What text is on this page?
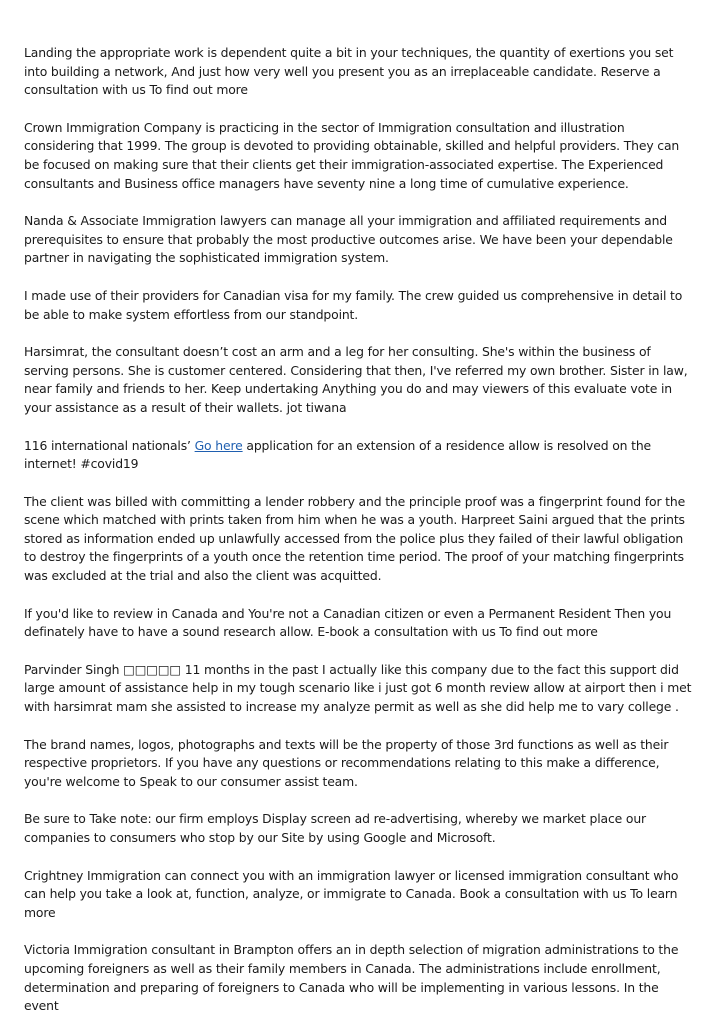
Landing the appropriate work is dependent quite a bit in your techniques, the quantity of exertions you set into building a network, And just how very well you present you as an irreplaceable candidate. Reserve a consultation with us To find out more

Crown Immigration Company is practicing in the sector of Immigration consultation and illustration considering that 1999. The group is devoted to providing obtainable, skilled and helpful providers. They can be focused on making sure that their clients get their immigration-associated expertise. The Experienced consultants and Business office managers have seventy nine a long time of cumulative experience.

Nanda & Associate Immigration lawyers can manage all your immigration and affiliated requirements and prerequisites to ensure that probably the most productive outcomes arise. We have been your dependable partner in navigating the sophisticated immigration system.

I made use of their providers for Canadian visa for my family. The crew guided us comprehensive in detail to be able to make system effortless from our standpoint.

Harsimrat, the consultant doesn’t cost an arm and a leg for her consulting. She's within the business of serving persons. She is customer centered. Considering that then, I've referred my own brother. Sister in law, near family and friends to her. Keep undertaking Anything you do and may viewers of this evaluate vote in your assistance as a result of their wallets. jot tiwana

116 international nationals’ Go here application for an extension of a residence allow is resolved on the internet! #covid19

The client was billed with committing a lender robbery and the principle proof was a fingerprint found for the scene which matched with prints taken from him when he was a youth. Harpreet Saini argued that the prints stored as information ended up unlawfully accessed from the police plus they failed of their lawful obligation to destroy the fingerprints of a youth once the retention time period. The proof of your matching fingerprints was excluded at the trial and also the client was acquitted.

If you'd like to review in Canada and You're not a Canadian citizen or even a Permanent Resident Then you definately have to have a sound research allow. E-book a consultation with us To find out more

Parvinder Singh □□□□□ 11 months in the past I actually like this company due to the fact this support did large amount of assistance help in my tough scenario like i just got 6 month review allow at airport then i met with harsimrat mam she assisted to increase my analyze permit as well as she did help me to vary college .

The brand names, logos, photographs and texts will be the property of those 3rd functions as well as their respective proprietors. If you have any questions or recommendations relating to this make a difference, you're welcome to Speak to our consumer assist team.

Be sure to Take note: our firm employs Display screen ad re-advertising, whereby we market place our companies to consumers who stop by our Site by using Google and Microsoft.

Crightney Immigration can connect you with an immigration lawyer or licensed immigration consultant who can help you take a look at, function, analyze, or immigrate to Canada. Book a consultation with us To learn more

Victoria Immigration consultant in Brampton offers an in depth selection of migration administrations to the upcoming foreigners as well as their family members in Canada. The administrations include enrollment, determination and preparing of foreigners to Canada who will be implementing in various lessons. In the event
